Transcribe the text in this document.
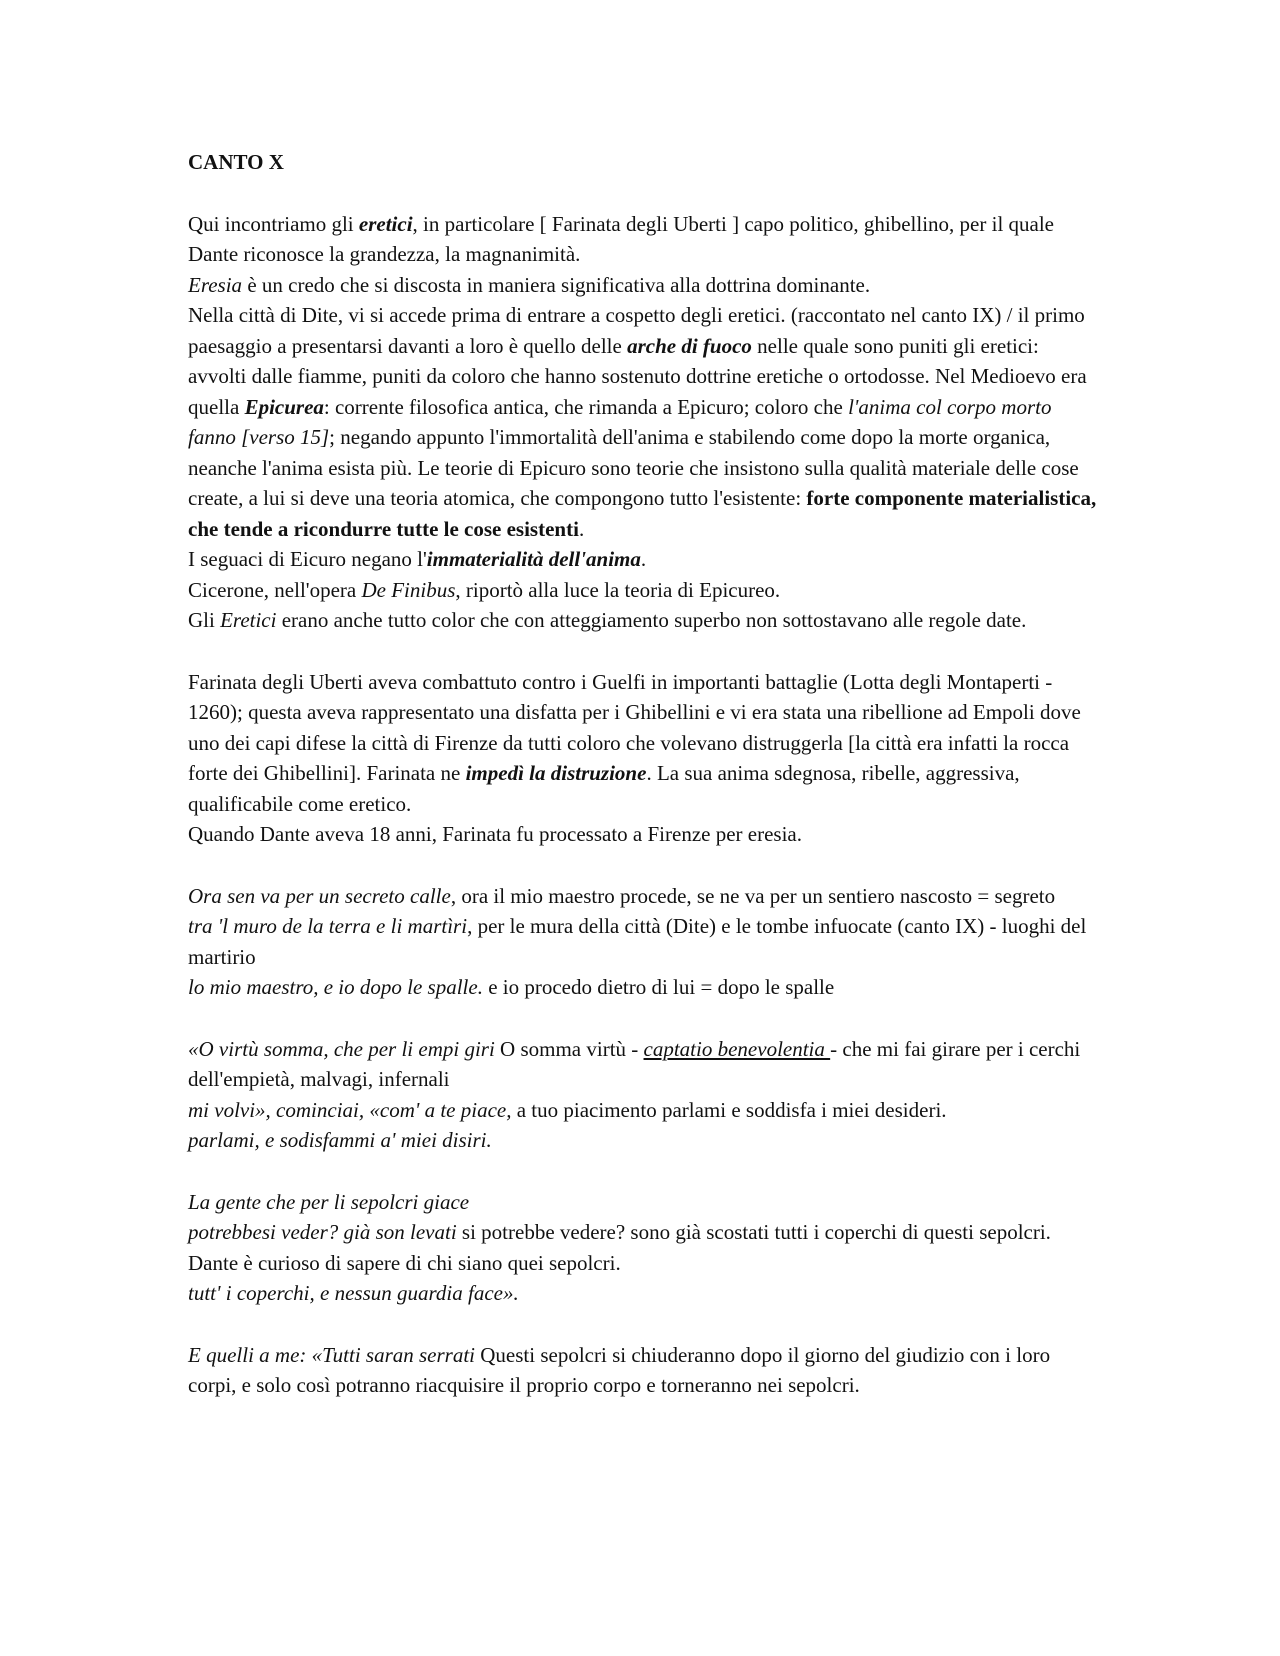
CANTO X
Qui incontriamo gli eretici, in particolare [ Farinata degli Uberti ] capo politico, ghibellino, per il quale Dante riconosce la grandezza, la magnanimità.
Eresia è un credo che si discosta in maniera significativa alla dottrina dominante.
Nella città di Dite, vi si accede prima di entrare a cospetto degli eretici. (raccontato nel canto IX) / il primo paesaggio a presentarsi davanti a loro è quello delle arche di fuoco nelle quale sono puniti gli eretici: avvolti dalle fiamme, puniti da coloro che hanno sostenuto dottrine eretiche o ortodosse. Nel Medioevo era quella Epicurea: corrente filosofica antica, che rimanda a Epicuro; coloro che l'anima col corpo morto fanno [verso 15]; negando appunto l'immortalità dell'anima e stabilendo come dopo la morte organica, neanche l'anima esista più. Le teorie di Epicuro sono teorie che insistono sulla qualità materiale delle cose create, a lui si deve una teoria atomica, che compongono tutto l'esistente: forte componente materialistica, che tende a ricondurre tutte le cose esistenti.
I seguaci di Eicuro negano l'immaterialità dell'anima.
Cicerone, nell'opera De Finibus, riportò alla luce la teoria di Epicureo.
Gli Eretici erano anche tutto color che con atteggiamento superbo non sottostavano alle regole date.
Farinata degli Uberti aveva combattuto contro i Guelfi in importanti battaglie (Lotta degli Montaperti - 1260); questa aveva rappresentato una disfatta per i Ghibellini e vi era stata una ribellione ad Empoli dove uno dei capi difese la città di Firenze da tutti coloro che volevano distruggerla [la città era infatti la rocca forte dei Ghibellini]. Farinata ne impedì la distruzione. La sua anima sdegnosa, ribelle, aggressiva, qualificabile come eretico.
Quando Dante aveva 18 anni, Farinata fu processato a Firenze per eresia.
Ora sen va per un secreto calle, ora il mio maestro procede, se ne va per un sentiero nascosto = segreto
tra 'l muro de la terra e li martìri, per le mura della città (Dite) e le tombe infuocate (canto IX) - luoghi del martirio
lo mio maestro, e io dopo le spalle. e io procedo dietro di lui = dopo le spalle
«O virtù somma, che per li empi giri O somma virtù - captatio benevolentia - che mi fai girare per i cerchi dell'empietà, malvagi, infernali
mi volvi», cominciai, «com' a te piace, a tuo piacimento parlami e soddisfa i miei desideri.
parlami, e sodisfammi a' miei disiri.
La gente che per li sepolcri giace
potrebbesi veder? già son levati si potrebbe vedere? sono già scostati tutti i coperchi di questi sepolcri. Dante è curioso di sapere di chi siano quei sepolcri.
tutt' i coperchi, e nessun guardia face».
E quelli a me: «Tutti saran serrati Questi sepolcri si chiuderanno dopo il giorno del giudizio con i loro corpi, e solo così potranno riacquisire il proprio corpo e torneranno nei sepolcri.
